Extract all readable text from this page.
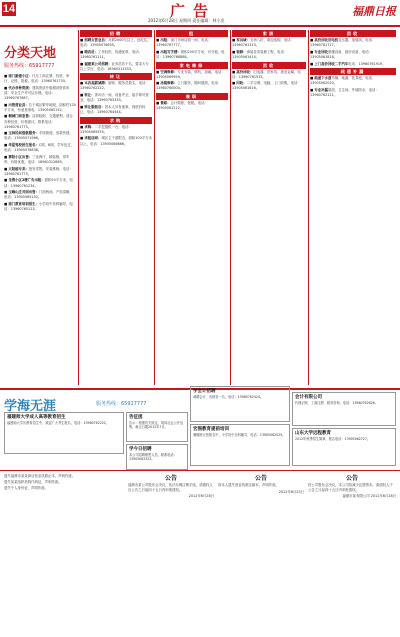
14	广告
2012年6月28日 星期四 责任编辑：林小虎
福鼎日报
分类天地
服务热线：65917777
■ 南门新建小区：代办工商注册、验资、审计、记账、报税。电话：13960761755。
■ 代办各种资质：建筑资质升级增项资质申请，安全生产许可证办理。电话：13960767687。
■ 出售营业房：位于城区繁华地段，面积约120平方米，有意者请电：13905065152。
■ 桐城门面急售：店面临街，交通便利，适合各种经营，价格面议，联系电话：13960761775。
■ 玉林民间借款服务：手续简便，放款快捷，电话：13905071966。
■ 华夏驾校招生报名：C照、B照，学车包过，电话：13905078836。
■ 赛阳小区出售：三室两厅，精装修，带车库，价格优惠，电话：18960312689。
■ 太阳能专卖：批发零售，安装维修，电话：13960761775。
■ 龙湾小区2楼广告出租：面积50平方米，电话：13960761234。
■ 玉峰山庄对面出售：门面两间，产权清晰，电话：13905065152。
■ 南门教育培训招生：小学初中各科辅导，电话：13960765123。
招聘
■ 招聘女营业员：月薪2000元以上，包吃住，电话：13905076655。
■ 聘店员：工作轻松，待遇优厚，电话：13960761111。
■ 福建某公司招聘：业务员若干名，要求大专以上学历，电话：18960313333。
转让
■ 本店高薪诚聘：厨师、服务员数名，电话：13960762222。
■ 转让：茶叶店一间，设备齐全，接手即可营业，电话：13960763333。
■ 转让服装店：因本人另有他事，现低价转让，电话：13960764444。
求购
■ 求购：二手挖掘机一台，电话：13905065555。
■ 求租店面：城区主干道附近，面积100平方米以上，电话：13905066666。
租
■ 出租：南门市场店面一间，电话：13960767777。
■ 出租写字楼：面积200平方米，可分租，电话：13960768888。
家电维修
■ 空调维修：专业安装、移机、加氟，电话：13905069999。
■ 冰箱维修：上门服务，随叫随到，电话：13960760000。
兼职
■ 兼职：会计做账，报税，电话：13905061212。
家居
■ 家具城：全场八折，欢迎选购，电话：13960761313。
■ 装修：承接各类装修工程，电话：13905061414。
回收
■ 高价回收：旧电器、旧家具、废旧金属，电话：13960761515。
■ 回收：二手空调、电脑，上门收购，电话：13905061616。
回收
■ 高价回收旧电机变压器、电缆线，电话：13960761717。
■ 专业回收酒楼设备、厨房设备，电话：13905061818。
■ 上门高价回收二手汽车电话：13960761919。
疏通补漏
■ 疏通下水道马桶、地漏、化粪池，电话：13905062020。
■ 专业补漏屋面、卫生间、外墙防水，电话：13960762121。
学海无涯	服务热线：65917777
福建师大学成人高等教育招生
福建师大学历教育招生中，欢迎广大考生报名，电话：13960762222。
告征函
告示：根据有关规定，现向社会公开征集，截止日期2012年7月。
学今日招聘
本公司招聘销售人员，联系电话：13905062323。
学会计招聘
诚聘会计、出纳各一名，电话：13960762424。
宏图教育提前培训
暑期班火热报名中，小学初中全科辅导，电话：13905062525。
会计有限公司
代理记账、工商注册、税务咨询，电话：13960762626。
山东大学远程教育
2012年秋季招生简章，报名电话：13905062727。
遗失福鼎市某某商店营业执照正本，声明作废。
遗失某某组织机构代码证，声明作废。
遗失个人身份证，声明作废。
公告
福鼎市某公司股东会决议，依法办理注销手续，请债权人自公告之日起四十五日内申报债权。
2012年6月28日
公告
因本人遗失营业执照正副本，声明作废。
2012年6月25日
公告
经公司股东会决议，本公司拟减少注册资本，请债权人于公告之日起四十五日内申报债权。
福鼎市某有限公司 2012年6月28日
